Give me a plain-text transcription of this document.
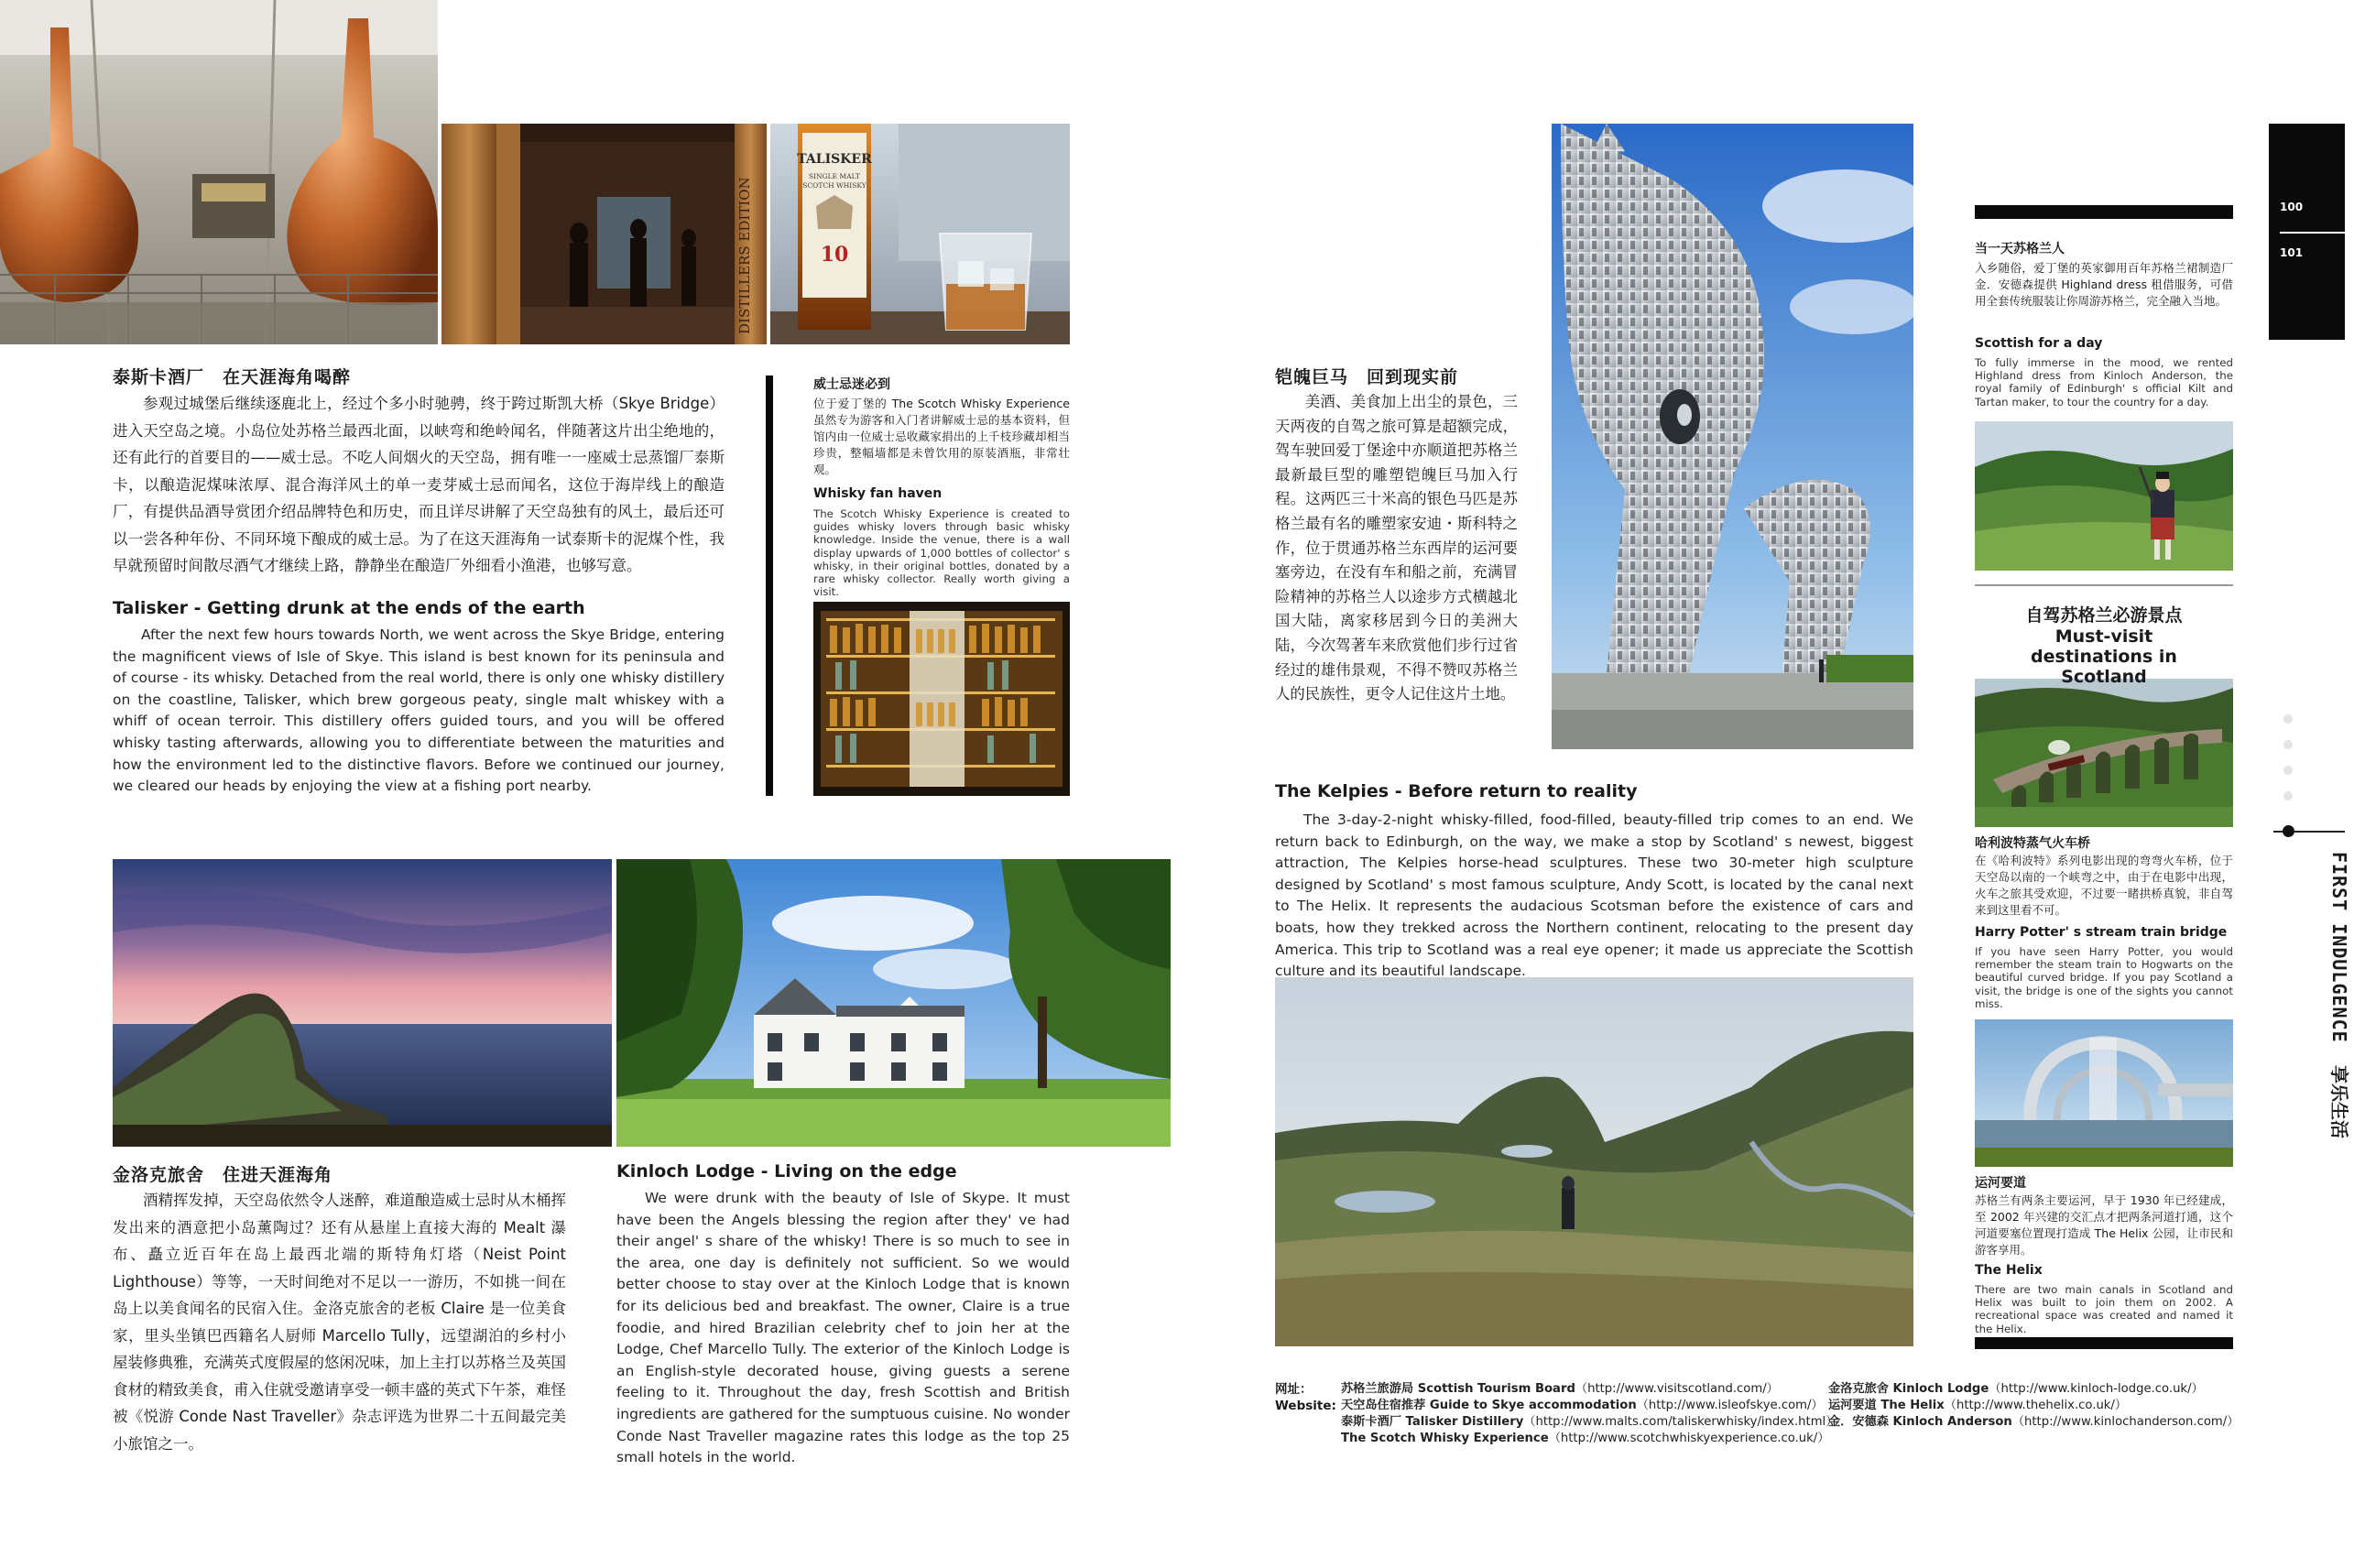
DISTILLERS EDITION
TALISKER
SINGLE MALT
SCOTCH WHISKY
10
100
101
FIRST INDULGENCE 享乐生活
泰斯卡酒厂　在天涯海角喝醉
参观过城堡后继续逐鹿北上，经过个多小时驰骋，终于跨过斯凯大桥（Skye Bridge）进入天空岛之境。小岛位处苏格兰最西北面，以峡弯和绝岭闻名，伴随著这片出尘绝地的，还有此行的首要目的——威士忌。不吃人间烟火的天空岛，拥有唯一一座威士忌蒸馏厂泰斯卡，以酿造泥煤味浓厚、混合海洋风土的单一麦芽威士忌而闻名，这位于海岸线上的酿造厂，有提供品酒导赏团介绍品牌特色和历史，而且详尽讲解了天空岛独有的风土，最后还可以一尝各种年份、不同环境下酿成的威士忌。为了在这天涯海角一试泰斯卡的泥煤个性，我早就预留时间散尽酒气才继续上路，静静坐在酿造厂外细看小渔港，也够写意。
Talisker - Getting drunk at the ends of the earth
After the next few hours towards North, we went across the Skye Bridge, entering the magnificent views of Isle of Skye. This island is best known for its peninsula and of course - its whisky. Detached from the real world, there is only one whisky distillery on the coastline, Talisker, which brew gorgeous peaty, single malt whiskey with a whiff of ocean terroir. This distillery offers guided tours, and you will be offered whisky tasting afterwards, allowing you to differentiate between the maturities and how the environment led to the distinctive flavors. Before we continued our journey, we cleared our heads by enjoying the view at a fishing port nearby.
威士忌迷必到
位于爱丁堡的 The Scotch Whisky Experience 虽然专为游客和入门者讲解威士忌的基本资料，但馆内由一位威士忌收藏家捐出的上千枝珍藏却相当珍贵，整幅墙都是未曾饮用的原装酒瓶，非常壮观。
Whisky fan haven
The Scotch Whisky Experience is created to guides whisky lovers through basic whisky knowledge. Inside the venue, there is a wall display upwards of 1,000 bottles of collector' s whisky, in their original bottles, donated by a rare whisky collector. Really worth giving a visit.
金洛克旅舍　住进天涯海角
酒精挥发掉，天空岛依然令人迷醉，难道酿造威士忌时从木桶挥发出来的酒意把小岛薰陶过？还有从悬崖上直接大海的 Mealt 瀑布、矗立近百年在岛上最西北端的斯特角灯塔（Neist Point Lighthouse）等等，一天时间绝对不足以一一游历，不如挑一间在岛上以美食闻名的民宿入住。金洛克旅舍的老板 Claire 是一位美食家，里头坐镇巴西籍名人厨师 Marcello Tully，远望湖泊的乡村小屋装修典雅，充满英式度假屋的悠闲况味，加上主打以苏格兰及英国食材的精致美食，甫入住就受邀请享受一顿丰盛的英式下午茶，难怪被《悦游 Conde Nast Traveller》杂志评选为世界二十五间最完美小旅馆之一。
Kinloch Lodge - Living on the edge
We were drunk with the beauty of Isle of Skype. It must have been the Angels blessing the region after they' ve had their angel' s share of the whisky! There is so much to see in the area, one day is definitely not sufficient. So we would better choose to stay over at the Kinloch Lodge that is known for its delicious bed and breakfast. The owner, Claire is a true foodie, and hired Brazilian celebrity chef to join her at the Lodge, Chef Marcello Tully. The exterior of the Kinloch Lodge is an English-style decorated house, giving guests a serene feeling to it. Throughout the day, fresh Scottish and British ingredients are gathered for the sumptuous cuisine. No wonder Conde Nast Traveller magazine rates this lodge as the top 25 small hotels in the world.
铠魄巨马　回到现实前
美酒、美食加上出尘的景色，三天两夜的自驾之旅可算是超额完成，驾车驶回爱丁堡途中亦顺道把苏格兰最新最巨型的雕塑铠魄巨马加入行程。这两匹三十米高的银色马匹是苏格兰最有名的雕塑家安迪・斯科特之作，位于贯通苏格兰东西岸的运河要塞旁边，在没有车和船之前，充满冒险精神的苏格兰人以途步方式横越北国大陆，离家移居到今日的美洲大陆，今次驾著车来欣赏他们步行过省经过的雄伟景观，不得不赞叹苏格兰人的民族性，更令人记住这片土地。
The Kelpies - Before return to reality
The 3-day-2-night whisky-filled, food-filled, beauty-filled trip comes to an end. We return back to Edinburgh, on the way, we make a stop by Scotland' s newest, biggest attraction, The Kelpies horse-head sculptures. These two 30-meter high sculpture designed by Scotland' s most famous sculpture, Andy Scott, is located by the canal next to The Helix. It represents the audacious Scotsman before the existence of cars and boats, how they trekked across the Northern continent, relocating to the present day America. This trip to Scotland was a real eye opener; it made us appreciate the Scottish culture and its beautiful landscape.
当一天苏格兰人
入乡随俗，爱丁堡的英家御用百年苏格兰裙制造厂金．安德森提供 Highland dress 租借服务，可借用全套传统服装让你周游苏格兰，完全融入当地。
Scottish for a day
To fully immerse in the mood, we rented Highland dress from Kinloch Anderson, the royal family of Edinburgh' s official Kilt and Tartan maker, to tour the country for a day.
自驾苏格兰必游景点
Must-visit destinations in Scotland
哈利波特蒸气火车桥
在《哈利波特》系列电影出现的弯弯火车桥，位于天空岛以南的一个峡弯之中，由于在电影中出现，火车之旅其受欢迎，不过要一睹拱桥真貌，非自驾来到这里看不可。
Harry Potter' s stream train bridge
If you have seen Harry Potter, you would remember the steam train to Hogwarts on the beautiful curved bridge. If you pay Scotland a visit, the bridge is one of the sights you cannot miss.
运河要道
苏格兰有两条主要运河，早于 1930 年已经建成，至 2002 年兴建的交汇点才把两条河道打通，这个河道要塞位置现打造成 The Helix 公园，让市民和游客享用。
The Helix
There are two main canals in Scotland and Helix was built to join them on 2002. A recreational space was created and named it the Helix.
网址：
Website:
苏格兰旅游局 Scottish Tourism Board（http://www.visitscotland.com/）
天空岛住宿推荐 Guide to Skye accommodation（http://www.isleofskye.com/）
泰斯卡酒厂 Talisker Distillery（http://www.malts.com/taliskerwhisky/index.html）
The Scotch Whisky Experience（http://www.scotchwhiskyexperience.co.uk/）
金洛克旅舍 Kinloch Lodge（http://www.kinloch-lodge.co.uk/）
运河要道 The Helix（http://www.thehelix.co.uk/）
金．安德森 Kinloch Anderson（http://www.kinlochanderson.com/）
